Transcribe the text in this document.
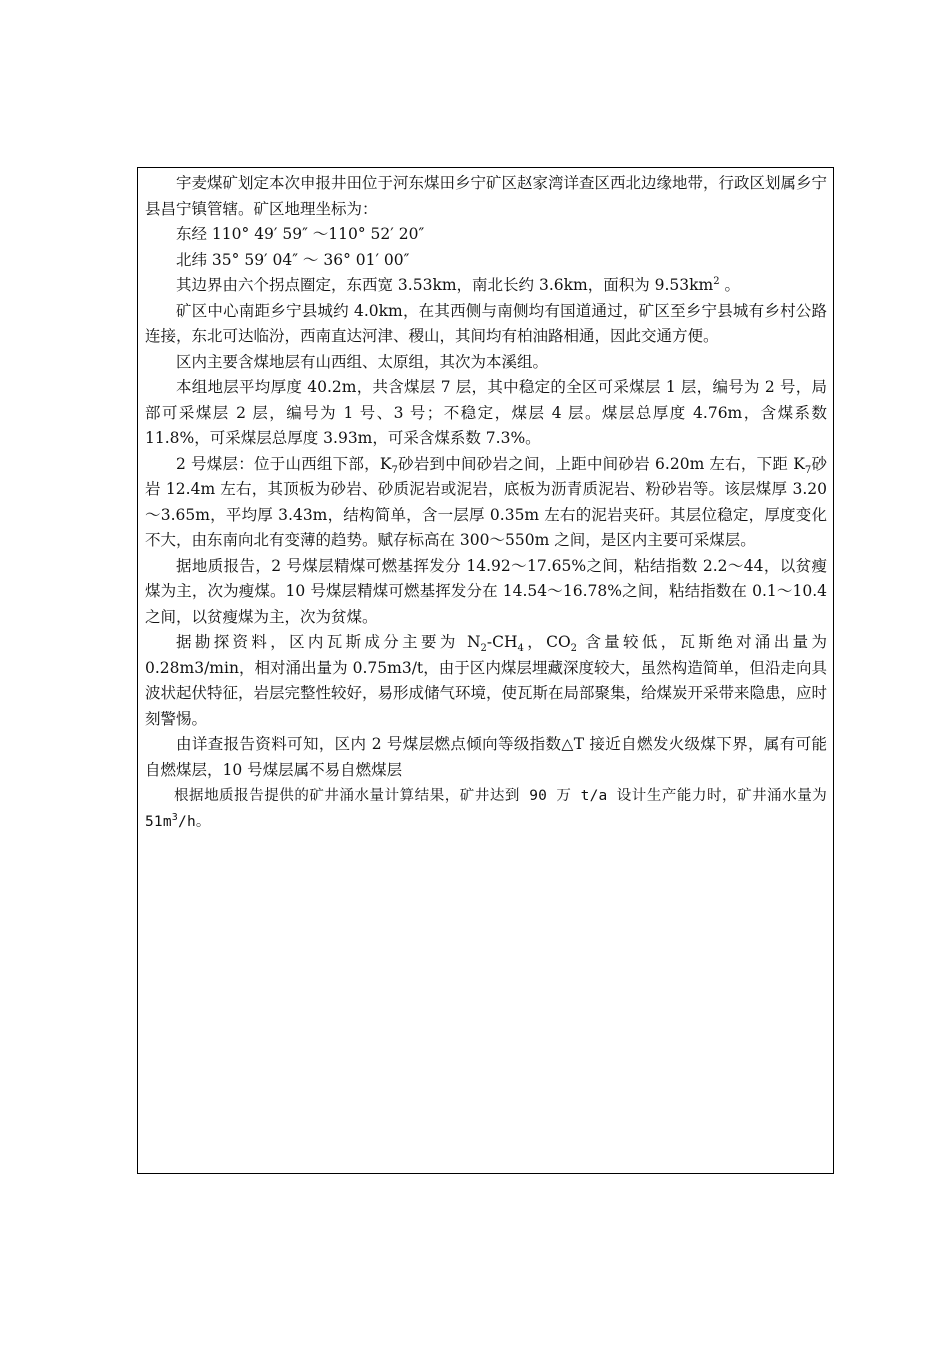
宇麦煤矿划定本次申报井田位于河东煤田乡宁矿区赵家湾详查区西北边缘地带，行政区划属乡宁县昌宁镇管辖。矿区地理坐标为：

东经 110° 49′ 59″ ～110° 52′ 20″

北纬 35° 59′ 04″ ～ 36° 01′ 00″

其边界由六个拐点圈定，东西宽 3.53km，南北长约 3.6km，面积为 $9.53km^2$ 。

矿区中心南距乡宁县城约 4.0km，在其西侧与南侧均有国道通过，矿区至乡宁县城有乡村公路连接，东北可达临汾，西南直达河津、稷山，其间均有柏油路相通，因此交通方便。

区内主要含煤地层有山西组、太原组，其次为本溪组。

本组地层平均厚度 40.2m，共含煤层 7 层，其中稳定的全区可采煤层 1 层，编号为 2 号，局部可采煤层 2 层，编号为 1 号、3 号；不稳定，煤层 4 层。煤层总厚度 4.76m，含煤系数 11.8%，可采煤层总厚度 3.93m，可采含煤系数 7.3%。

2 号煤层：位于山西组下部，$K_7$砂岩到中间砂岩之间，上距中间砂岩 6.20m 左右，下距 $K_7$砂岩 12.4m 左右，其顶板为砂岩、砂质泥岩或泥岩，底板为沥青质泥岩、粉砂岩等。该层煤厚 3.20～3.65m，平均厚 3.43m，结构简单，含一层厚 0.35m 左右的泥岩夹矸。其层位稳定，厚度变化不大，由东南向北有变薄的趋势。赋存标高在 300～550m 之间，是区内主要可采煤层。

据地质报告，2 号煤层精煤可燃基挥发分 14.92～17.65%之间，粘结指数 2.2～44，以贫瘦煤为主，次为瘦煤。10 号煤层精煤可燃基挥发分在 14.54～16.78%之间，粘结指数在 0.1～10.4 之间，以贫瘦煤为主，次为贫煤。

据勘探资料，区内瓦斯成分主要为 $N_2-CH_4$，$CO_2$ 含量较低，瓦斯绝对涌出量为 0.28m3/min，相对涌出量为 0.75m3/t，由于区内煤层埋藏深度较大，虽然构造简单，但沿走向具波状起伏特征，岩层完整性较好，易形成储气环境，使瓦斯在局部聚集，给煤炭开采带来隐患，应时刻警惕。

由详查报告资料可知，区内 2 号煤层燃点倾向等级指数△T 接近自燃发火级煤下界，属有可能自燃煤层，10 号煤层属不易自燃煤层

根据地质报告提供的矿井涌水量计算结果，矿井达到 90 万 t/a 设计生产能力时，矿井涌水量为 $51m^3/h$。
